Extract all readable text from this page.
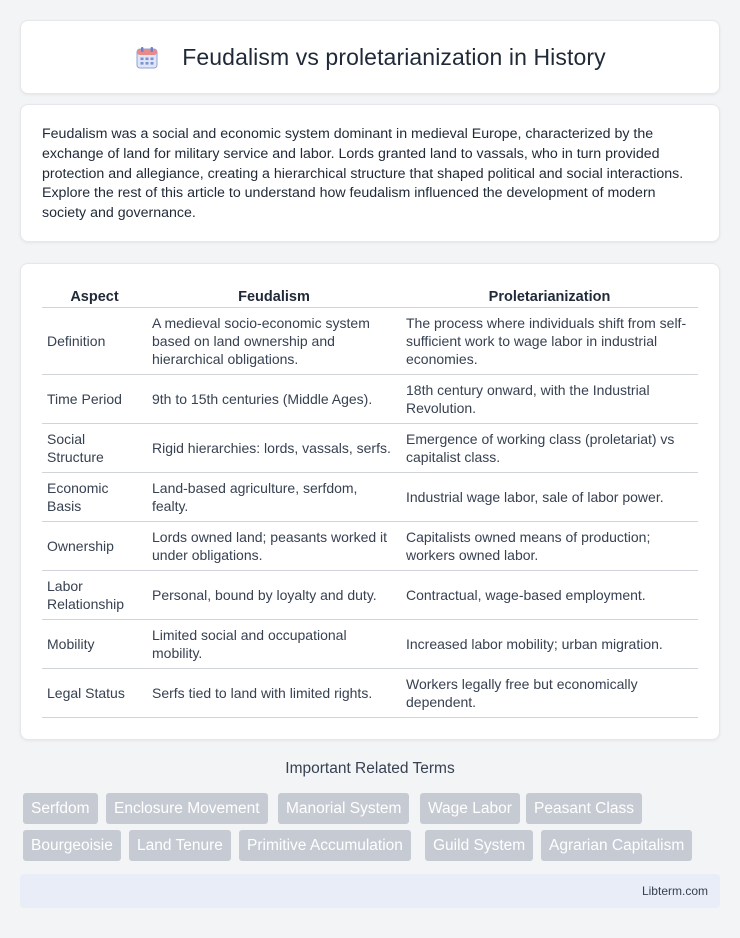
Feudalism vs proletarianization in History

Feudalism was a social and economic system dominant in medieval Europe, characterized by the exchange of land for military service and labor. Lords granted land to vassals, who in turn provided protection and allegiance, creating a hierarchical structure that shaped political and social interactions. Explore the rest of this article to understand how feudalism influenced the development of modern society and governance.

Aspect	Feudalism	Proletarianization
Definition	A medieval socio-economic system based on land ownership and hierarchical obligations.	The process where individuals shift from self-sufficient work to wage labor in industrial economies.
Time Period	9th to 15th centuries (Middle Ages).	18th century onward, with the Industrial Revolution.
Social Structure	Rigid hierarchies: lords, vassals, serfs.	Emergence of working class (proletariat) vs capitalist class.
Economic Basis	Land-based agriculture, serfdom, fealty.	Industrial wage labor, sale of labor power.
Ownership	Lords owned land; peasants worked it under obligations.	Capitalists owned means of production; workers owned labor.
Labor Relationship	Personal, bound by loyalty and duty.	Contractual, wage-based employment.
Mobility	Limited social and occupational mobility.	Increased labor mobility; urban migration.
Legal Status	Serfs tied to land with limited rights.	Workers legally free but economically dependent.
Important Related Terms
Serfdom	Enclosure Movement	Manorial System	Wage Labor	Peasant Class
Bourgeoisie	Land Tenure	Primitive Accumulation	Guild System	Agrarian Capitalism
Libterm.com
